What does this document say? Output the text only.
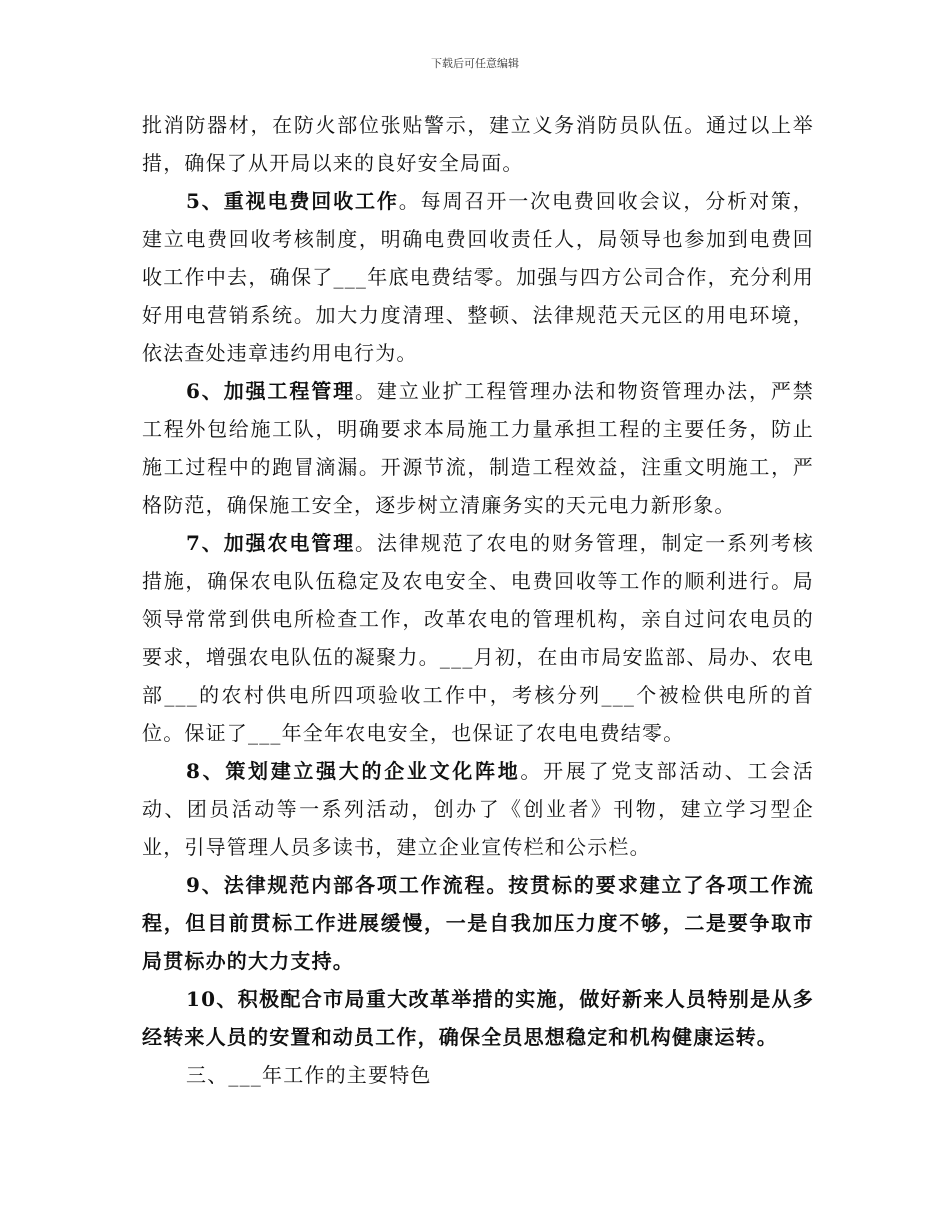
下载后可任意编辑

批消防器材，在防火部位张贴警示，建立义务消防员队伍。通过以上举措，确保了从开局以来的良好安全局面。

5、重视电费回收工作。每周召开一次电费回收会议，分析对策，建立电费回收考核制度，明确电费回收责任人，局领导也参加到电费回收工作中去，确保了___年底电费结零。加强与四方公司合作，充分利用好用电营销系统。加大力度清理、整顿、法律规范天元区的用电环境，依法查处违章违约用电行为。

6、加强工程管理。建立业扩工程管理办法和物资管理办法，严禁工程外包给施工队，明确要求本局施工力量承担工程的主要任务，防止施工过程中的跑冒滴漏。开源节流，制造工程效益，注重文明施工，严格防范，确保施工安全，逐步树立清廉务实的天元电力新形象。

7、加强农电管理。法律规范了农电的财务管理，制定一系列考核措施，确保农电队伍稳定及农电安全、电费回收等工作的顺利进行。局领导常常到供电所检查工作，改革农电的管理机构，亲自过问农电员的要求，增强农电队伍的凝聚力。___月初，在由市局安监部、局办、农电部___的农村供电所四项验收工作中，考核分列___个被检供电所的首位。保证了___年全年农电安全，也保证了农电电费结零。

8、策划建立强大的企业文化阵地。开展了党支部活动、工会活动、团员活动等一系列活动，创办了《创业者》刊物，建立学习型企业，引导管理人员多读书，建立企业宣传栏和公示栏。

9、法律规范内部各项工作流程。按贯标的要求建立了各项工作流程，但目前贯标工作进展缓慢，一是自我加压力度不够，二是要争取市局贯标办的大力支持。

10、积极配合市局重大改革举措的实施，做好新来人员特别是从多经转来人员的安置和动员工作，确保全员思想稳定和机构健康运转。

三、___年工作的主要特色
